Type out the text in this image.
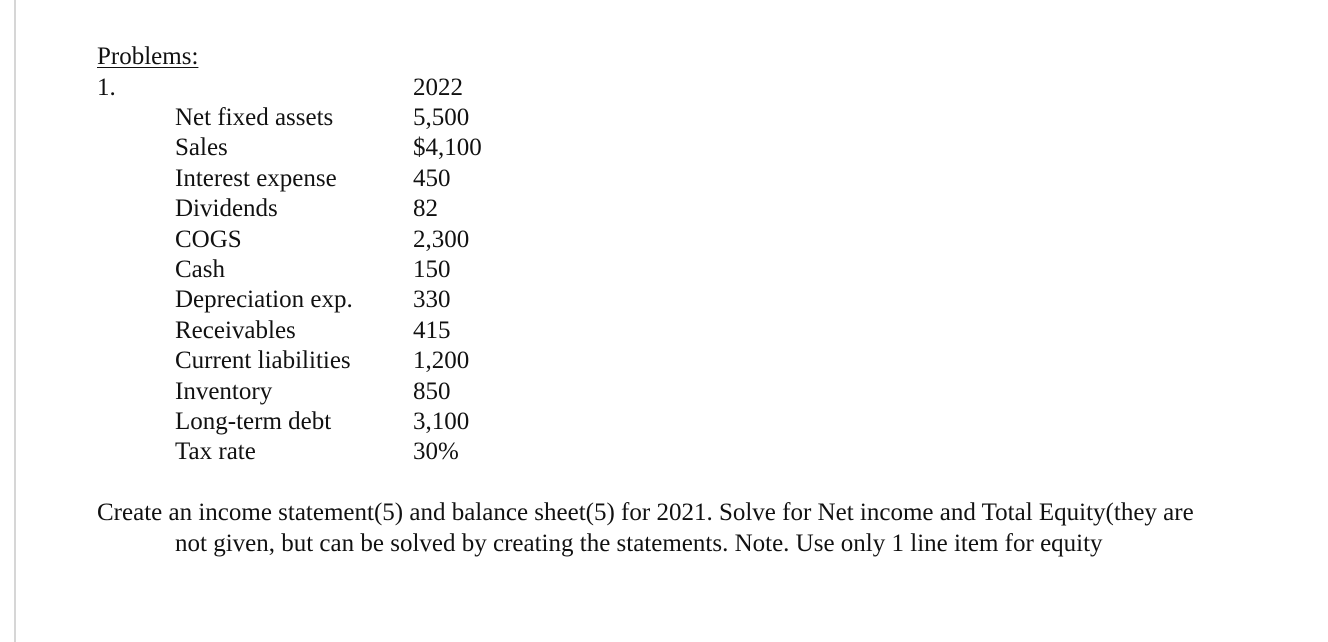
Problems:
1.	2022
Net fixed assets	5,500
Sales	$4,100
Interest expense	450
Dividends	82
COGS	2,300
Cash	150
Depreciation exp. 330
Receivables	415
Current liabilities 1,200
Inventory	850
Long-term debt	3,100
Tax rate	30%
Create an income statement(5) and balance sheet(5) for 2021. Solve for Net income and Total Equity(they are
not given, but can be solved by creating the statements. Note. Use only 1 line item for equity
